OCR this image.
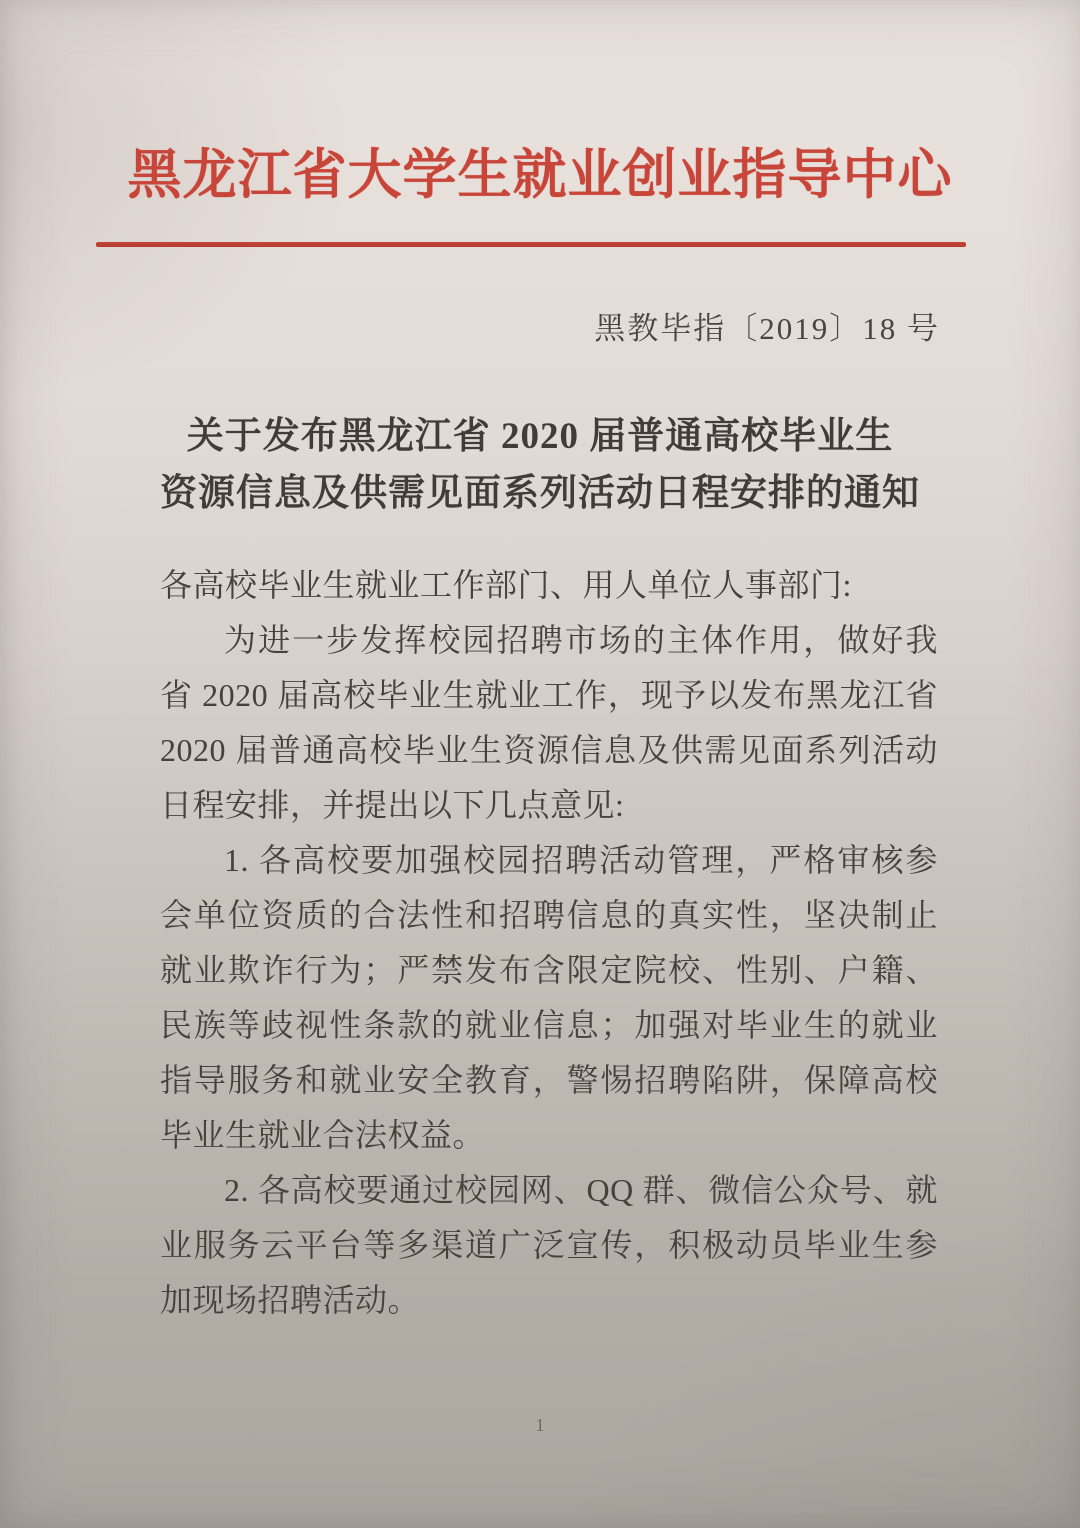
黑龙江省大学生就业创业指导中心
黑教毕指〔2019〕18 号
关于发布黑龙江省 2020 届普通高校毕业生
资源信息及供需见面系列活动日程安排的通知

各高校毕业生就业工作部门、用人单位人事部门:

为进一步发挥校园招聘市场的主体作用，做好我省 2020 届高校毕业生就业工作，现予以发布黑龙江省 2020 届普通高校毕业生资源信息及供需见面系列活动日程安排，并提出以下几点意见:

1. 各高校要加强校园招聘活动管理，严格审核参会单位资质的合法性和招聘信息的真实性，坚决制止就业欺诈行为；严禁发布含限定院校、性别、户籍、民族等歧视性条款的就业信息；加强对毕业生的就业指导服务和就业安全教育，警惕招聘陷阱，保障高校毕业生就业合法权益。

2. 各高校要通过校园网、QQ 群、微信公众号、就业服务云平台等多渠道广泛宣传，积极动员毕业生参加现场招聘活动。

1
